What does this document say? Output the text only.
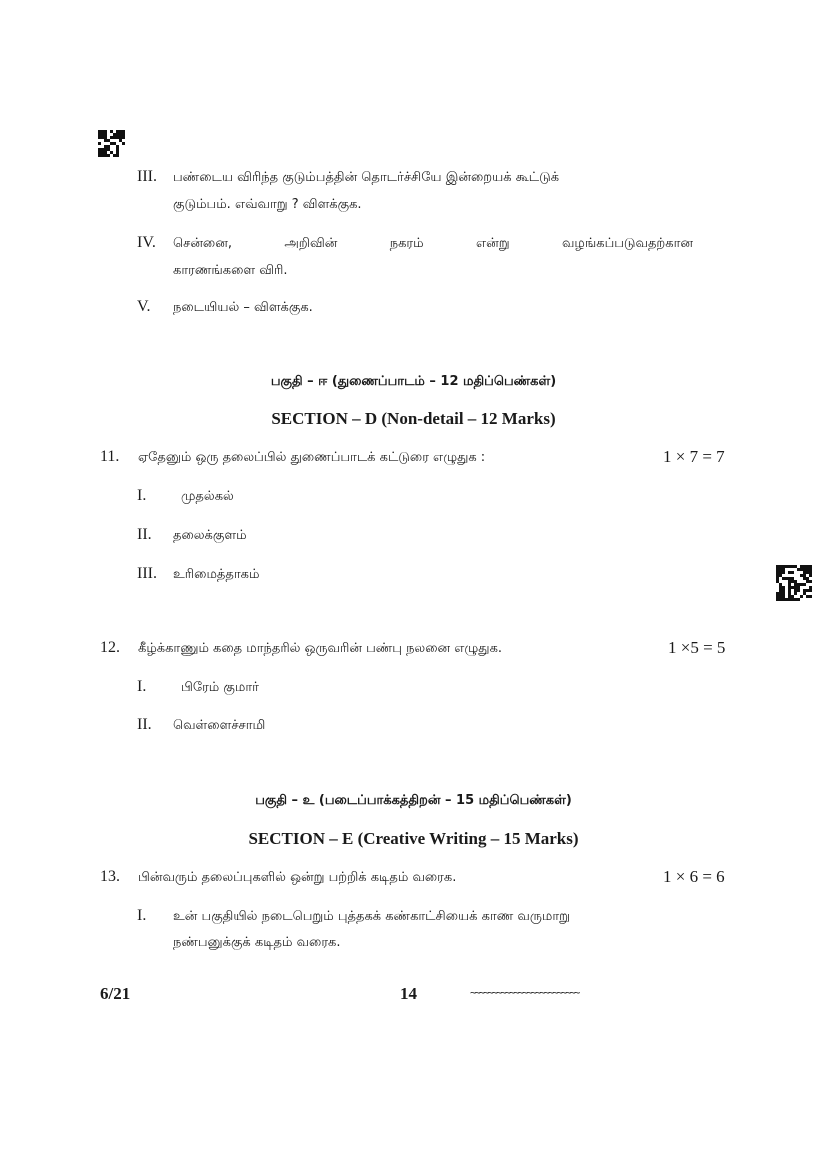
III. பண்டைய விரிந்த குடும்பத்தின் தொடர்ச்சியே இன்றையக் கூட்டுக்
குடும்பம். எவ்வாறு ? விளக்குக.
IV. சென்னை,	அறிவின்	நகரம்	என்று	வழங்கப்படுவதற்கான
காரணங்களை விரி.
V. நடையியல் – விளக்குக.
பகுதி – ஈ (துணைப்பாடம் – 12 மதிப்பெண்கள்)
SECTION – D (Non-detail – 12 Marks)
11. ஏதேனும் ஒரு தலைப்பில் துணைப்பாடக் கட்டுரை எழுதுக :	1 × 7 = 7
I.	முதல்கல்
II. தலைக்குளம்
III. உரிமைத்தாகம்
12. கீழ்க்காணும் கதை மாந்தரில் ஒருவரின் பண்பு நலனை எழுதுக.	1 ×5 = 5
I.	பிரேம் குமார்
II. வெள்ளைச்சாமி
பகுதி – உ (படைப்பாக்கத்திறன் – 15 மதிப்பெண்கள்)
SECTION – E (Creative Writing – 15 Marks)
13. பின்வரும் தலைப்புகளில் ஒன்று பற்றிக் கடிதம் வரைக.	1 × 6 = 6
I. உன் பகுதியில் நடைபெறும் புத்தகக் கண்காட்சியைக் காண வருமாறு
நண்பனுக்குக் கடிதம் வரைக.
6/21	14	~~~~~~~~~~~~~~~~~~~~~~~~~
